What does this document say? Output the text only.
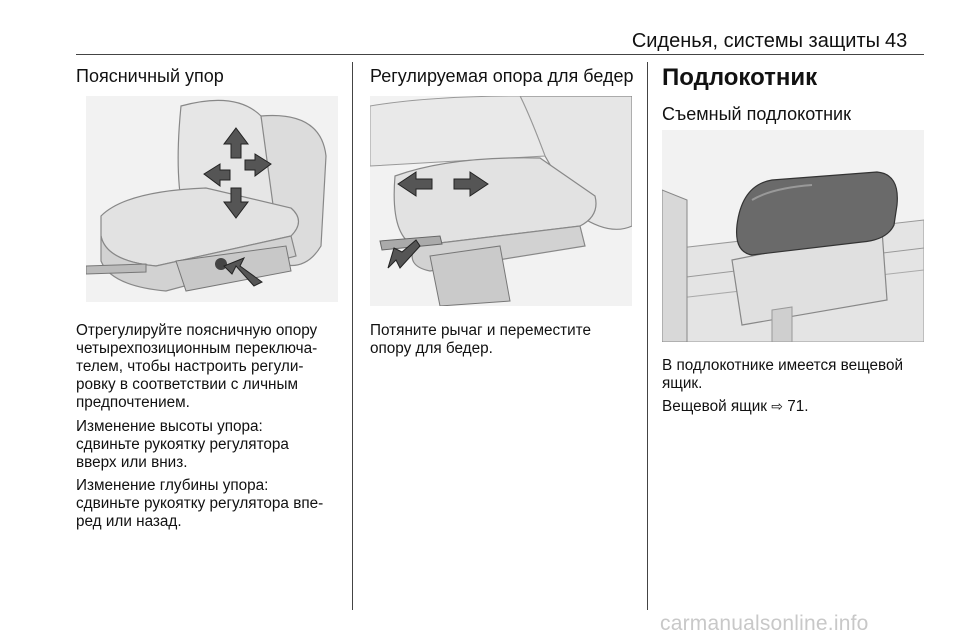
Сиденья, системы защиты 43
Поясничный упор

Отрегулируйте поясничную опору
четырехпозиционным переключа-
телем, чтобы настроить регули-
ровку в соответствии с личным
предпочтением.

Изменение высоты упора:
сдвиньте рукоятку регулятора
вверх или вниз.

Изменение глубины упора:
сдвиньте рукоятку регулятора впе-
ред или назад.

Регулируемая опора для бедер

Потяните рычаг и переместите
опору для бедер.

Подлокотник
Съемный подлокотник

В подлокотнике имеется вещевой
ящик.

Вещевой ящик ⇨ 71.

carmanualsonline.info
